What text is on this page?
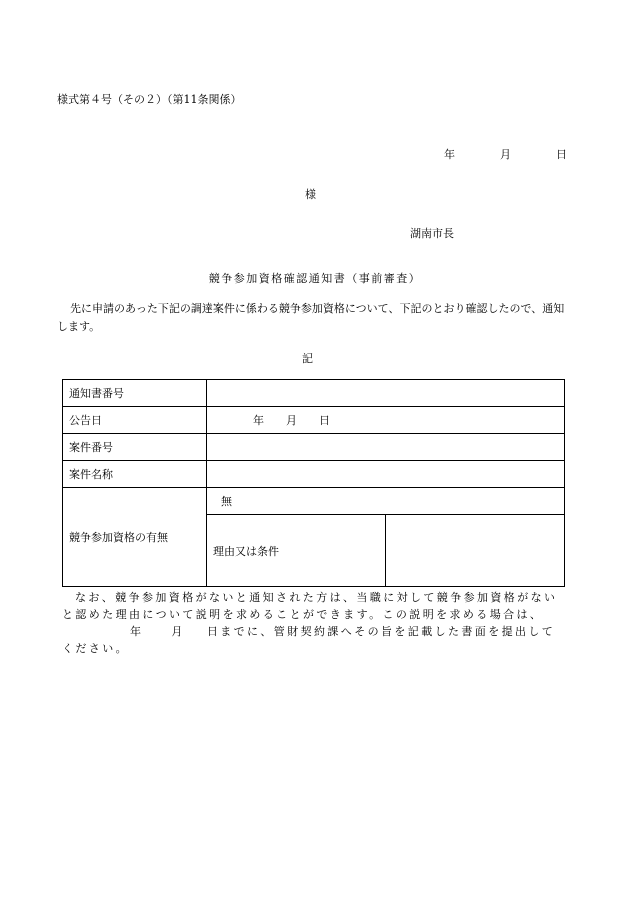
様式第４号（その２）（第11条関係）
年	月	日
様
湖南市長
競争参加資格確認通知書（事前審査）
先に申請のあった下記の調達案件に係わる競争参加資格について、下記のとおり確認したので、通知します。
記
通知書番号		
公告日	年 月 日	
案件番号		
案件名称		
競争参加資格の有無	無	
	理由又は条件	
なお、競争参加資格がないと通知された方は、当職に対して競争参加資格がないと認めた理由について説明を求めることができます。この説明を求める場合は、年	月 日までに、管財契約課へその旨を記載した書面を提出してください。
